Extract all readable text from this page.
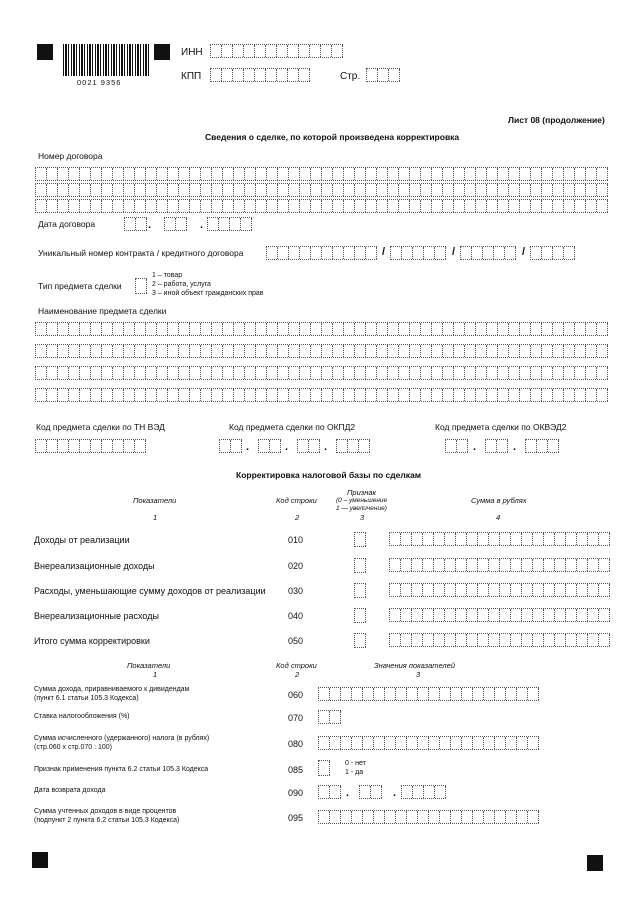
0021 9356
ИНН
КПП	Стр.
Лист 08 (продолжение)
Сведения о сделке, по которой произведена корректировка
Номер договора
Дата договора	.	.
Уникальный номер контракта / кредитного договора	/	/	/
Тип предмета сделки
1 – товар
2 – работа, услуга
3 – иной объект гражданских прав
Наименование предмета сделки
Код предмета сделки по ТН ВЭД	Код предмета сделки по ОКПД2
.	.	.
Код предмета сделки по ОКВЭД2
.	.
Корректировка налоговой базы по сделкам
Показатели	Код строки
Признак
(0 – уменьшение
1 — увеличение)
Сумма в рублях
1	2	3	4
Доходы от реализации	010
Внереализационные доходы	020
Расходы, уменьшающие сумму доходов от реализации 030
Внереализационные расходы	040
Итого сумма корректировки	050
Показатели	Код строки	Значения показателей
1	2	3
Сумма дохода, приравниваемого к дивидендам
(пункт 6.1 статьи 105.3 Кодекса)	060
Ставка налогообложения (%)	070
Сумма исчисленного (удержанного) налога (в рублях)
(стр.060 х стр.070 : 100)	080
Признак применения пункта 6.2 статьи 105.3 Кодекса	085
0 - нет
1 - да
Дата возврата дохода	090	.	.
Сумма учтенных доходов в виде процентов
(подпункт 2 пункта 6.2 статьи 105.3 Кодекса)	095
